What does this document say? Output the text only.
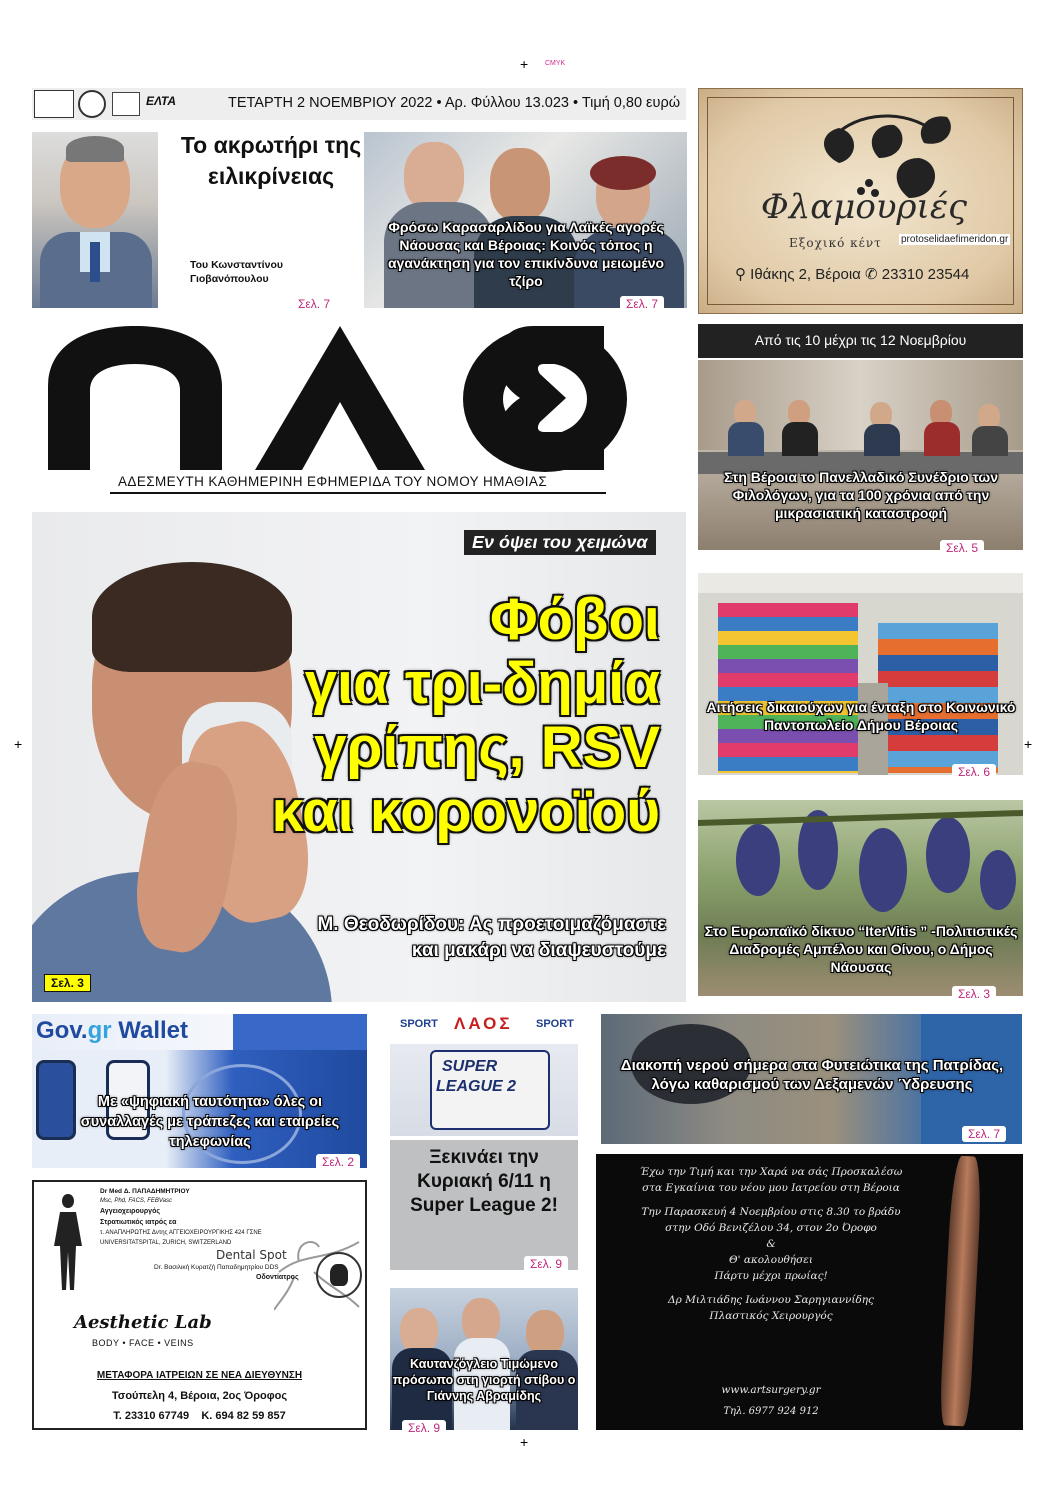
+ CMYK
+	+
+
ΕΛΤΑ	ΤΕΤΑΡΤΗ 2 ΝΟΕΜΒΡΙΟΥ 2022 • Αρ. Φύλλου 13.023 • Τιμή 0,80 ευρώ
Το ακρωτήρι της ειλικρίνειας
Του Κωνσταντίνου Γιοβανόπουλου
Σελ. 7
Φρόσω Καρασαρλίδου για Λαϊκές αγορές Νάουσας και Βέροιας: Κοινός τόπος η αγανάκτηση για τον επικίνδυνα μειωμένο τζίρο
Σελ. 7
Φλαμουριές
Εξοχικό κέντ protoselidaefimeridon.gr
⚲ Ιθάκης 2, Βέροια ✆ 23310 23544
ΑΔΕΣΜΕΥΤΗ ΚΑΘΗΜΕΡΙΝΗ ΕΦΗΜΕΡΙΔΑ ΤΟΥ ΝΟΜΟΥ ΗΜΑΘΙΑΣ
Από τις 10 μέχρι τις 12 Νοεμβρίου
Στη Βέροια το Πανελλαδικό Συνέδριο των Φιλολόγων, για τα 100 χρόνια από την μικρασιατική καταστροφή
Σελ. 5
Εν όψει του χειμώνα
Φόβοι
για τρι-δημία
γρίπης, RSV
και κορονοϊού
Μ. Θεοδωρίδου: Ας προετοιμαζόμαστε
και μακάρι να διαψευστούμε
Σελ. 3
Αιτήσεις δικαιούχων για ένταξη στο Κοινωνικό Παντοπωλείο Δήμου Βέροιας
Σελ. 6
Στο Ευρωπαϊκό δίκτυο “IterVitis ” -Πολιτιστικές Διαδρομές Αμπέλου και Οίνου, ο Δήμος Νάουσας
Σελ. 3
Gov.gr Wallet
Με «ψηφιακή ταυτότητα» όλες οι συναλλαγές με τράπεζες και εταιρείες τηλεφωνίας
Σελ. 2
SPORT ΛΑΟΣ SPORT
SUPER
LEAGUE 2
Ξεκινάει την Κυριακή 6/11 η Super League 2!
Σελ. 9
Διακοπή νερού σήμερα στα Φυτειώτικα της Πατρίδας, λόγω καθαρισμού των Δεξαμενών Ύδρευσης
Σελ. 7
Dr Med Δ. ΠΑΠΑΔΗΜΗΤΡΙΟΥ
Msc, Phd, FACS, FEBVasc
Αγγειοχειρουργός
Στρατιωτικός ιατρός εα
τ. ΑΝΑΠΛΗΡΩΤΗΣ Δντης ΑΓΓΕΙΟΧΕΙΡΟΥΡΓΙΚΗΣ 424 ΓΣΝΕ
UNIVERSITATSPITAL, ZURICH, SWITZERLAND
Dental Spot
Dr. Βασιλική Κυρατζή Παπαδημητρίου DDS
Οδοντίατρος
Aesthetic Lab
BODY • FACE • VEINS
ΜΕΤΑΦΟΡΑ ΙΑΤΡΕΙΩΝ ΣΕ ΝΕΑ ΔΙΕΥΘΥΝΣΗ
Τσούπελη 4, Βέροια, 2ος Όροφος
Τ. 23310 67749    Κ. 694 82 59 857
Καυτανζόγλειο Τιμώμενο πρόσωπο στη γιορτή στίβου ο Γιάννης Αβραμίδης
Σελ. 9
Έχω την Τιμή και την Χαρά να σάς Προσκαλέσω
στα Εγκαίνια του νέου μου Ιατρείου στη Βέροια
Την Παρασκευή 4 Νοεμβρίου στις 8.30 το βράδυ
στην Οδό Βενιζέλου 34, στον 2ο Όροφο
&
Θ' ακολουθήσει
Πάρτυ μέχρι πρωίας!
Δρ Μιλτιάδης Ιωάννου Σαρηγιαννίδης
Πλαστικός Χειρουργός
www.artsurgery.gr
Τηλ. 6977 924 912
